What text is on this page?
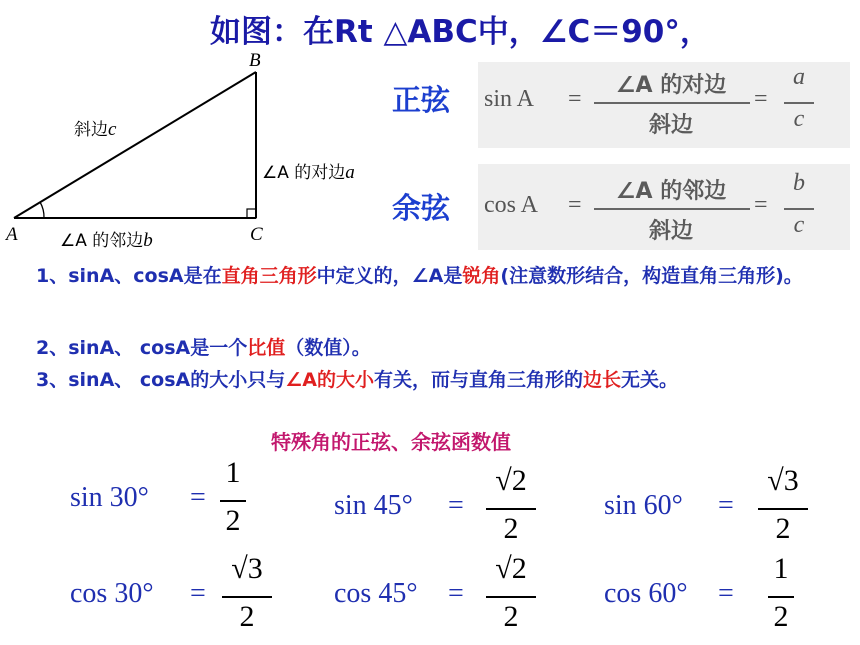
如图：在Rt △ABC中，∠C＝90°，
B
A	C
斜边c
∠A 的对边a
∠A 的邻边b
正弦 sin A =
∠A 的对边
斜边
=
a
c
余弦 cos A =
∠A 的邻边
斜边
=
b
c
1、sinA、cosA是在直角三角形中定义的，∠A是锐角(注意数形结合，构造直角三角形)。
2、sinA、 cosA是一个比值（数值）。
3、sinA、 cosA的大小只与∠A的大小有关，而与直角三角形的边长无关。
特殊角的正弦、余弦函数值
sin 30° =
1
2	sin 45° =
√2
2
sin 60° =
√3
2
cos 30° =
√3
2
cos 45° =
√2
2
cos 60° =
1
2
